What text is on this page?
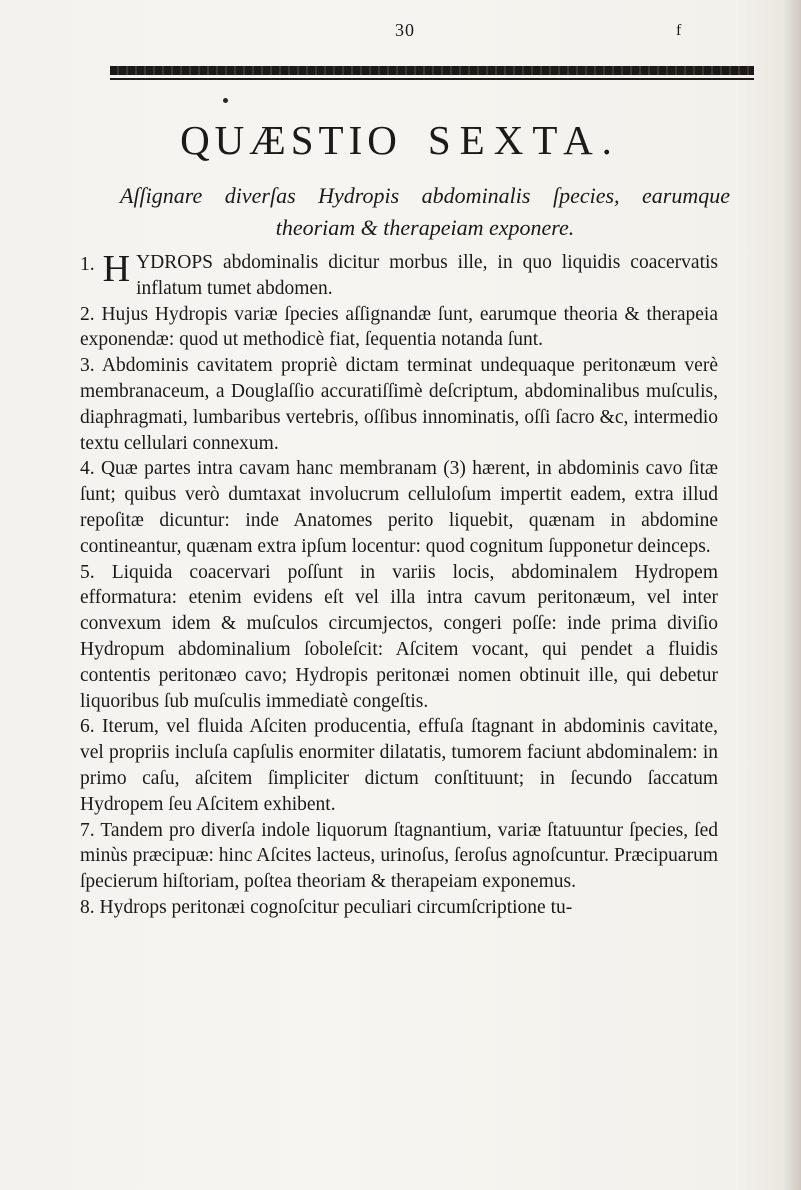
30	f
QUÆSTIO SEXTA.

Aſſignare diverſas Hydropis abdominalis ſpecies, earumque theoriam & therapeiam exponere.

1. H YDROPS abdominalis dicitur morbus ille, in quo liquidis coacervatis inflatum tumet abdomen.

2. Hujus Hydropis variæ ſpecies aſſignandæ ſunt, earumque theoria & therapeia exponendæ: quod ut methodicè fiat, ſequentia notanda ſunt.

3. Abdominis cavitatem propriè dictam terminat undequaque peritonæum verè membranaceum, a Douglaſſio accuratiſſimè deſcriptum, abdominalibus muſculis, diaphragmati, lumbaribus vertebris, oſſibus innominatis, oſſi ſacro &c, intermedio textu cellulari connexum.

4. Quæ partes intra cavam hanc membranam (3) hærent, in abdominis cavo ſitæ ſunt; quibus verò dumtaxat involucrum celluloſum impertit eadem, extra illud repoſitæ dicuntur: inde Anatomes perito liquebit, quænam in abdomine contineantur, quænam extra ipſum locentur: quod cognitum ſupponetur deinceps.

5. Liquida coacervari poſſunt in variis locis, abdominalem Hydropem efformatura: etenim evidens eſt vel illa intra cavum peritonæum, vel inter convexum idem & muſculos circumjectos, congeri poſſe: inde prima diviſio Hydropum abdominalium ſoboleſcit: Aſcitem vocant, qui pendet a fluidis contentis peritonæo cavo; Hydropis peritonæi nomen obtinuit ille, qui debetur liquoribus ſub muſculis immediatè congeſtis.

6. Iterum, vel fluida Aſciten producentia, effuſa ſtagnant in abdominis cavitate, vel propriis incluſa capſulis enormiter dilatatis, tumorem faciunt abdominalem: in primo caſu, aſcitem ſimpliciter dictum conſtituunt; in ſecundo ſaccatum Hydropem ſeu Aſcitem exhibent.

7. Tandem pro diverſa indole liquorum ſtagnantium, variæ ſtatuuntur ſpecies, ſed minùs præcipuæ: hinc Aſcites lacteus, urinoſus, ſeroſus agnoſcuntur. Præcipuarum ſpecierum hiſtoriam, poſtea theoriam & therapeiam exponemus.

8. Hydrops peritonæi cognoſcitur peculiari circumſcriptione tu-
